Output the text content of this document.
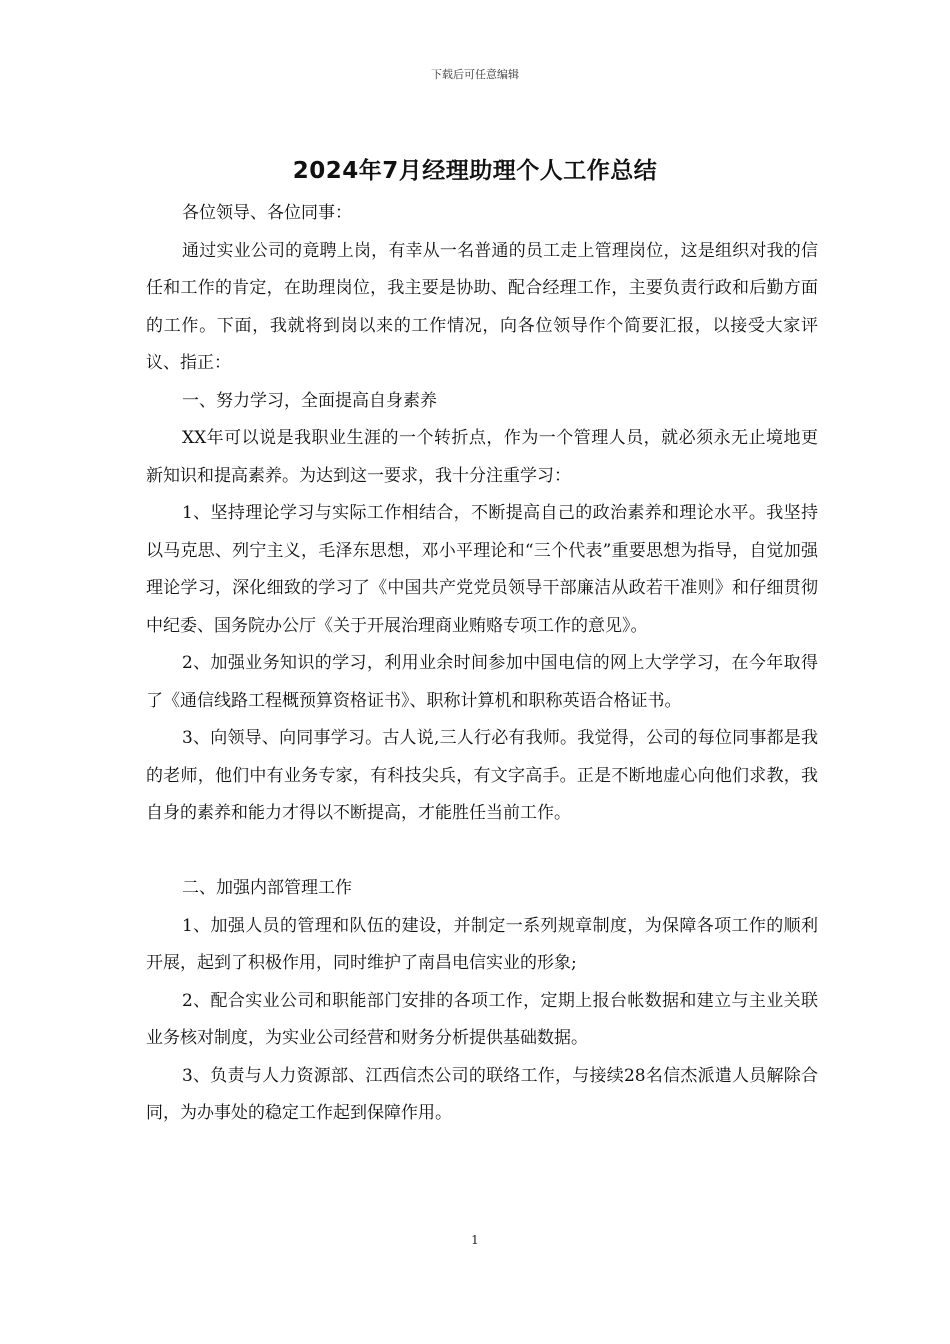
下载后可任意编辑
2024年7月经理助理个人工作总结

各位领导、各位同事：

通过实业公司的竟聘上岗，有幸从一名普通的员工走上管理岗位，这是组织对我的信任和工作的肯定，在助理岗位，我主要是协助、配合经理工作，主要负责行政和后勤方面的工作。下面，我就将到岗以来的工作情况，向各位领导作个简要汇报，以接受大家评议、指正：

一、努力学习，全面提高自身素养

XX年可以说是我职业生涯的一个转折点，作为一个管理人员，就必须永无止境地更新知识和提高素养。为达到这一要求，我十分注重学习：

1、坚持理论学习与实际工作相结合，不断提高自己的政治素养和理论水平。我坚持以马克思、列宁主义，毛泽东思想，邓小平理论和“三个代表”重要思想为指导，自觉加强理论学习，深化细致的学习了《中国共产党党员领导干部廉洁从政若干准则》和仔细贯彻中纪委、国务院办公厅《关于开展治理商业贿赂专项工作的意见》。

2、加强业务知识的学习，利用业余时间参加中国电信的网上大学学习，在今年取得了《通信线路工程概预算资格证书》、职称计算机和职称英语合格证书。

3、向领导、向同事学习。古人说,三人行必有我师。我觉得，公司的每位同事都是我的老师，他们中有业务专家，有科技尖兵，有文字高手。正是不断地虚心向他们求教，我自身的素养和能力才得以不断提高，才能胜任当前工作。

二、加强内部管理工作

1、加强人员的管理和队伍的建设，并制定一系列规章制度，为保障各项工作的顺利开展，起到了积极作用，同时维护了南昌电信实业的形象;

2、配合实业公司和职能部门安排的各项工作，定期上报台帐数据和建立与主业关联业务核对制度，为实业公司经营和财务分析提供基础数据。

3、负责与人力资源部、江西信杰公司的联络工作，与接续28名信杰派遣人员解除合同，为办事处的稳定工作起到保障作用。

1
